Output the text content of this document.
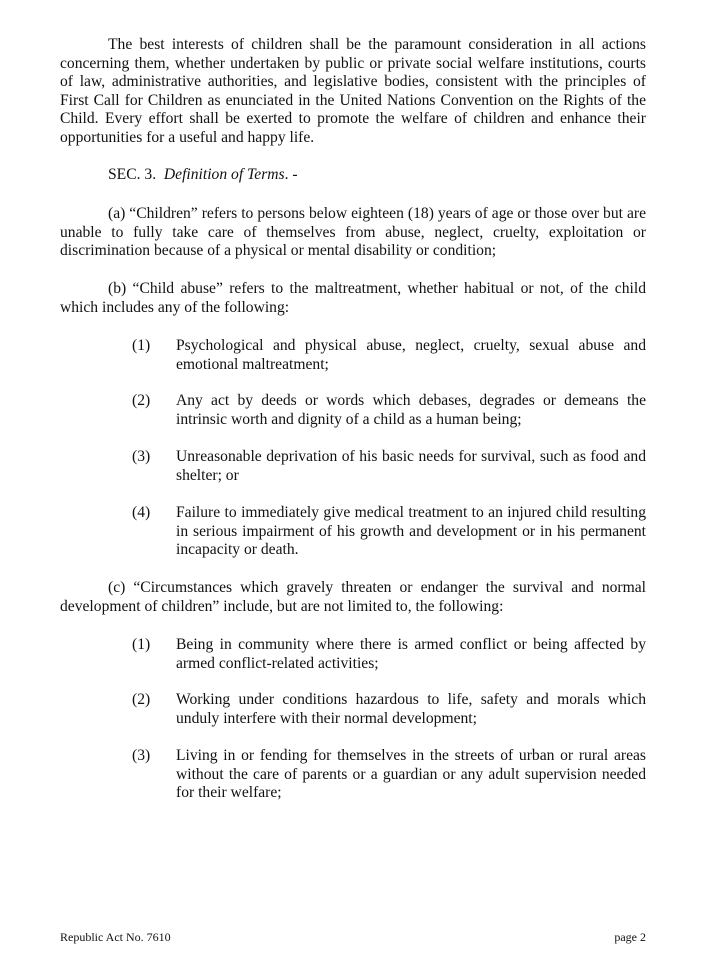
The best interests of children shall be the paramount consideration in all actions concerning them, whether undertaken by public or private social welfare institutions, courts of law, administrative authorities, and legislative bodies, consistent with the principles of First Call for Children as enunciated in the United Nations Convention on the Rights of the Child. Every effort shall be exerted to promote the welfare of children and enhance their opportunities for a useful and happy life.

SEC. 3. Definition of Terms. -

(a) “Children” refers to persons below eighteen (18) years of age or those over but are unable to fully take care of themselves from abuse, neglect, cruelty, exploitation or discrimination because of a physical or mental disability or condition;

(b) “Child abuse” refers to the maltreatment, whether habitual or not, of the child which includes any of the following:

(1)	Psychological and physical abuse, neglect, cruelty, sexual abuse and emotional maltreatment;
(2)	Any act by deeds or words which debases, degrades or demeans the intrinsic worth and dignity of a child as a human being;
(3)	Unreasonable deprivation of his basic needs for survival, such as food and shelter; or
(4)	Failure to immediately give medical treatment to an injured child resulting in serious impairment of his growth and development or in his permanent incapacity or death.

(c) “Circumstances which gravely threaten or endanger the survival and normal development of children” include, but are not limited to, the following:

(1)	Being in community where there is armed conflict or being affected by armed conflict-related activities;
(2)	Working under conditions hazardous to life, safety and morals which unduly interfere with their normal development;
(3)	Living in or fending for themselves in the streets of urban or rural areas without the care of parents or a guardian or any adult supervision needed for their welfare;
Republic Act No. 7610	page 2
